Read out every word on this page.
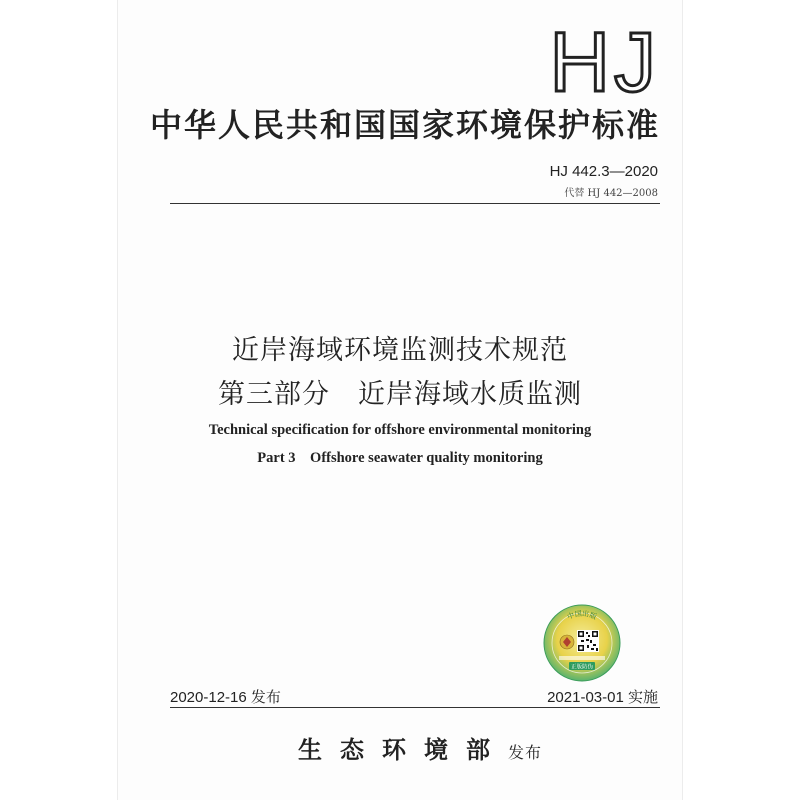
HJ
中华人民共和国国家环境保护标准
HJ 442.3—2020
代替 HJ 442—2008
近岸海域环境监测技术规范
第三部分　近岸海域水质监测
Technical specification for offshore environmental monitoring
Part 3　Offshore seawater quality monitoring
中国出版
正版防伪
2020-12-16 发布	2021-03-01 实施
生态环境部发布
